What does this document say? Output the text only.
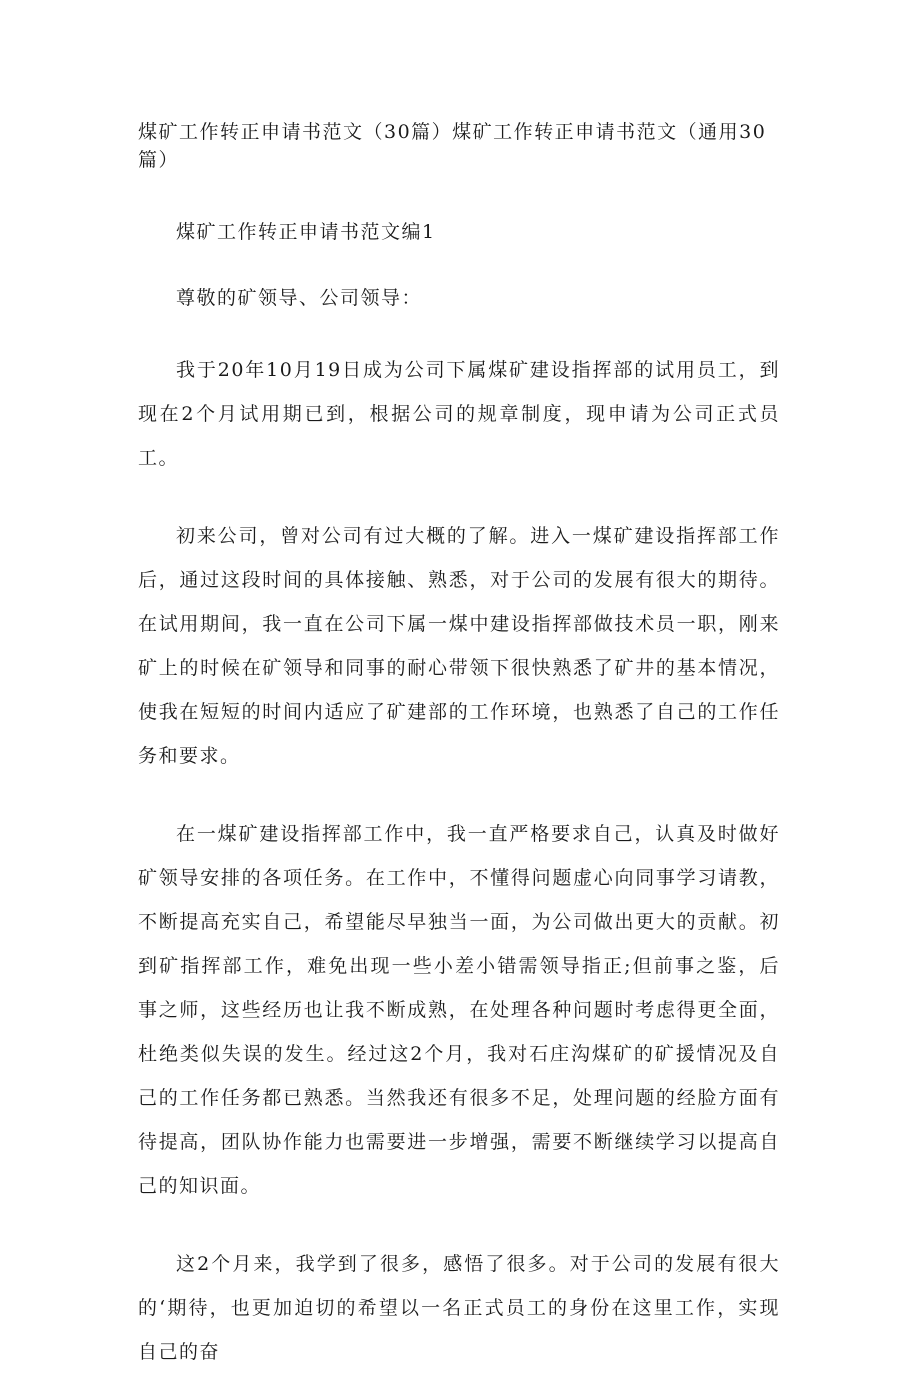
煤矿工作转正申请书范文（30篇）煤矿工作转正申请书范文（通用30篇）

煤矿工作转正申请书范文编1

尊敬的矿领导、公司领导：

我于20年10月19日成为公司下属煤矿建设指挥部的试用员工，到现在2个月试用期已到，根据公司的规章制度，现申请为公司正式员工。

初来公司，曾对公司有过大概的了解。进入一煤矿建设指挥部工作后，通过这段时间的具体接触、熟悉，对于公司的发展有很大的期待。在试用期间，我一直在公司下属一煤中建设指挥部做技术员一职，刚来矿上的时候在矿领导和同事的耐心带领下很快熟悉了矿井的基本情况，使我在短短的时间内适应了矿建部的工作环境，也熟悉了自己的工作任务和要求。

在一煤矿建设指挥部工作中，我一直严格要求自己，认真及时做好矿领导安排的各项任务。在工作中，不懂得问题虚心向同事学习请教，不断提高充实自己，希望能尽早独当一面，为公司做出更大的贡献。初到矿指挥部工作，难免出现一些小差小错需领导指正;但前事之鉴，后事之师，这些经历也让我不断成熟，在处理各种问题时考虑得更全面，杜绝类似失误的发生。经过这2个月，我对石庄沟煤矿的矿援情况及自己的工作任务都已熟悉。当然我还有很多不足，处理问题的经脸方面有待提高，团队协作能力也需要进一步增强，需要不断继续学习以提高自己的知识面。

这2个月来，我学到了很多，感悟了很多。对于公司的发展有很大的‘期待，也更加迫切的希望以一名正式员工的身份在这里工作，实现自己的奋
